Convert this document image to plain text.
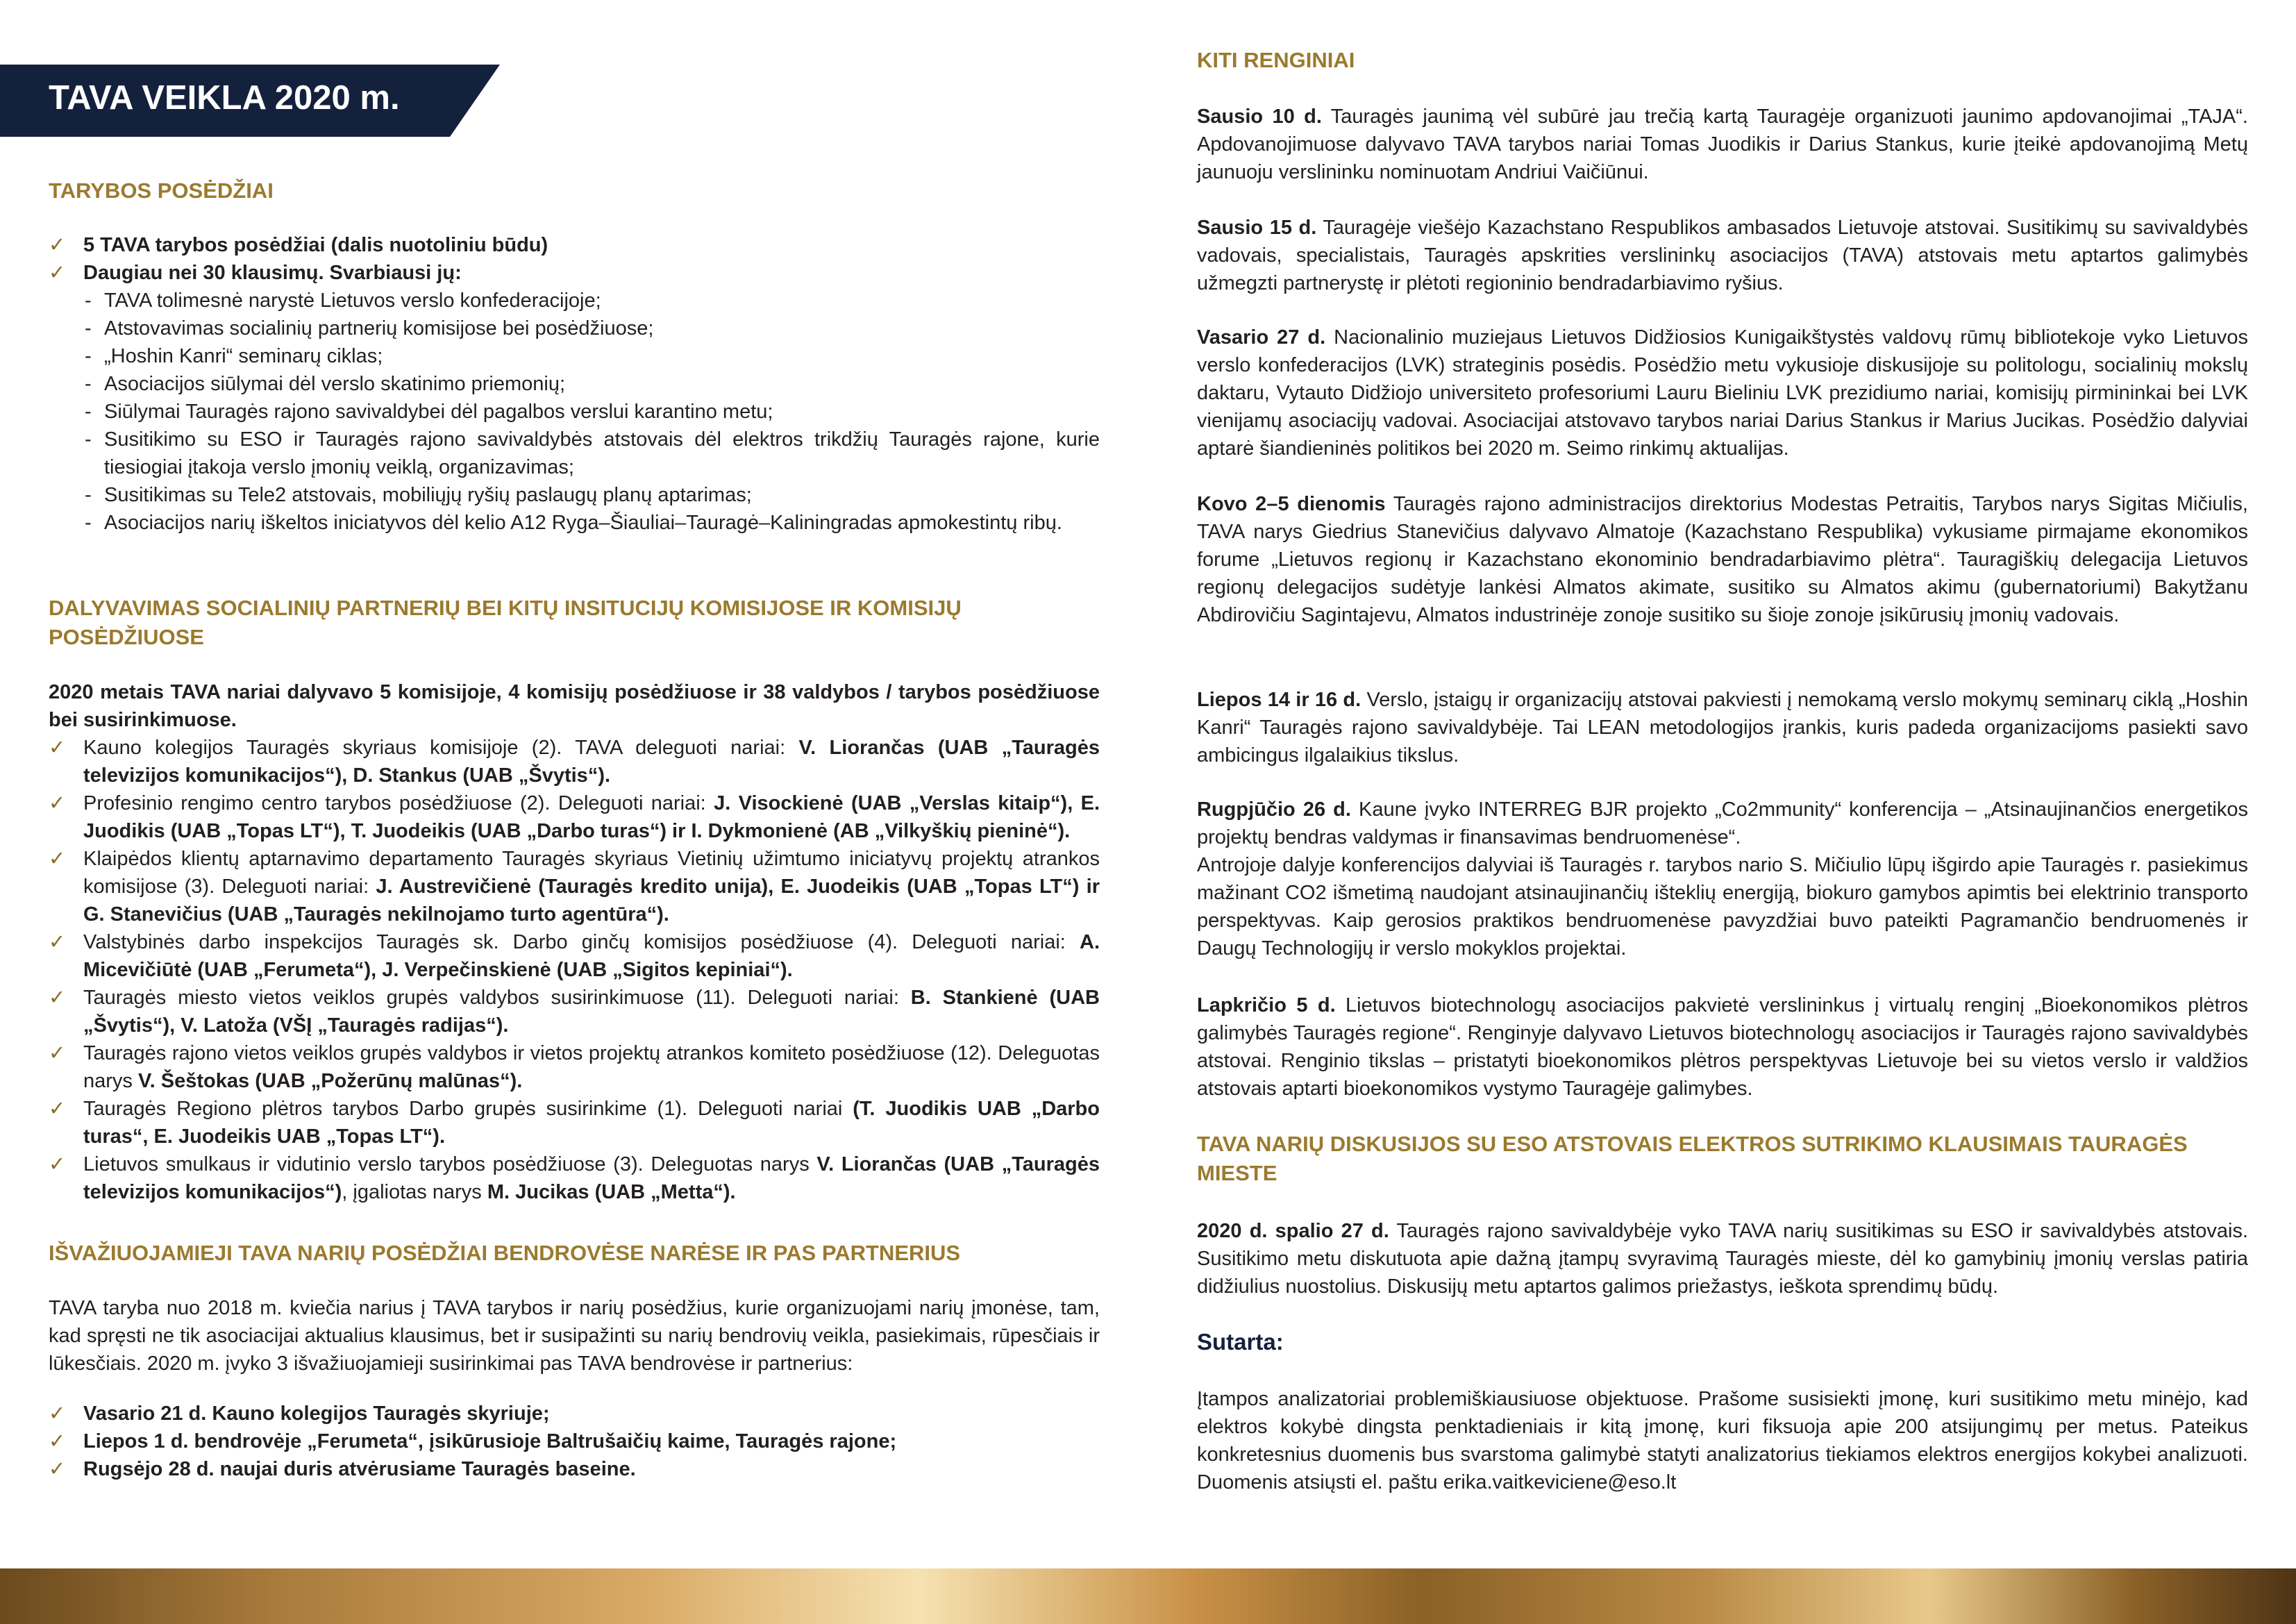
TAVA VEIKLA 2020 m.
TARYBOS POSĖDŽIAI

✓ 5 TAVA tarybos posėdžiai (dalis nuotoliniu būdu)

✓ Daugiau nei 30 klausimų. Svarbiausi jų:

- TAVA tolimesnė narystė Lietuvos verslo konfederacijoje;

- Atstovavimas socialinių partnerių komisijose bei posėdžiuose;

- „Hoshin Kanri“ seminarų ciklas;

- Asociacijos siūlymai dėl verslo skatinimo priemonių;

- Siūlymai Tauragės rajono savivaldybei dėl pagalbos verslui karantino metu;

- Susitikimo su ESO ir Tauragės rajono savivaldybės atstovais dėl elektros trikdžių Tauragės rajone, kurie tiesiogiai įtakoja verslo įmonių veiklą, organizavimas;

- Susitikimas su Tele2 atstovais, mobiliųjų ryšių paslaugų planų aptarimas;

- Asociacijos narių iškeltos iniciatyvos dėl kelio A12 Ryga–Šiauliai–Tauragė–Kaliningradas apmokestintų ribų.

DALYVAVIMAS SOCIALINIŲ PARTNERIŲ BEI KITŲ INSITUCIJŲ KOMISIJOSE IR KOMISIJŲ POSĖDŽIUOSE

2020 metais TAVA nariai dalyvavo 5 komisijoje, 4 komisijų posėdžiuose ir 38 valdybos / tarybos posėdžiuose bei susirinkimuose.

✓ Kauno kolegijos Tauragės skyriaus komisijoje (2). TAVA deleguoti nariai: V. Liorančas (UAB „Tauragės televizijos komunikacijos“), D. Stankus (UAB „Švytis“).

✓ Profesinio rengimo centro tarybos posėdžiuose (2). Deleguoti nariai: J. Visockienė (UAB „Verslas kitaip“), E. Juodikis (UAB „Topas LT“), T. Juodeikis (UAB „Darbo turas“) ir I. Dykmonienė (AB „Vilkyškių pieninė“).

✓ Klaipėdos klientų aptarnavimo departamento Tauragės skyriaus Vietinių užimtumo iniciatyvų projektų atrankos komisijose (3). Deleguoti nariai: J. Austrevičienė (Tauragės kredito unija), E. Juodeikis (UAB „Topas LT“) ir G. Stanevičius (UAB „Tauragės nekilnojamo turto agentūra“).

✓ Valstybinės darbo inspekcijos Tauragės sk. Darbo ginčų komisijos posėdžiuose (4). Deleguoti nariai: A. Micevičiūtė (UAB „Ferumeta“), J. Verpečinskienė (UAB „Sigitos kepiniai“).

✓ Tauragės miesto vietos veiklos grupės valdybos susirinkimuose (11). Deleguoti nariai: B. Stankienė (UAB „Švytis“), V. Latoža (VŠĮ „Tauragės radijas“).

✓ Tauragės rajono vietos veiklos grupės valdybos ir vietos projektų atrankos komiteto posėdžiuose (12). Deleguotas narys V. Šeštokas (UAB „Požerūnų malūnas“).

✓ Tauragės Regiono plėtros tarybos Darbo grupės susirinkime (1). Deleguoti nariai (T. Juodikis UAB „Darbo turas“, E. Juodeikis UAB „Topas LT“).

✓ Lietuvos smulkaus ir vidutinio verslo tarybos posėdžiuose (3). Deleguotas narys V. Liorančas (UAB „Tauragės televizijos komunikacijos“), įgaliotas narys M. Jucikas (UAB „Metta“).

IŠVAŽIUOJAMIEJI TAVA NARIŲ POSĖDŽIAI BENDROVĖSE NARĖSE IR PAS PARTNERIUS

TAVA taryba nuo 2018 m. kviečia narius į TAVA tarybos ir narių posėdžius, kurie organizuojami narių įmonėse, tam, kad spręsti ne tik asociacijai aktualius klausimus, bet ir susipažinti su narių bendrovių veikla, pasiekimais, rūpesčiais ir lūkesčiais. 2020 m. įvyko 3 išvažiuojamieji susirinkimai pas TAVA bendrovėse ir partnerius:

✓ Vasario 21 d. Kauno kolegijos Tauragės skyriuje;

✓ Liepos 1 d. bendrovėje „Ferumeta“, įsikūrusioje Baltrušaičių kaime, Tauragės rajone;

✓ Rugsėjo 28 d. naujai duris atvėrusiame Tauragės baseine.

KITI RENGINIAI

Sausio 10 d. Tauragės jaunimą vėl subūrė jau trečią kartą Tauragėje organizuoti jaunimo apdovanojimai „TAJA“. Apdovanojimuose dalyvavo TAVA tarybos nariai Tomas Juodikis ir Darius Stankus, kurie įteikė apdovanojimą Metų jaunuoju verslininku nominuotam Andriui Vaičiūnui.

Sausio 15 d. Tauragėje viešėjo Kazachstano Respublikos ambasados Lietuvoje atstovai. Susitikimų su savivaldybės vadovais, specialistais, Tauragės apskrities verslininkų asociacijos (TAVA) atstovais metu aptartos galimybės užmegzti partnerystę ir plėtoti regioninio bendradarbiavimo ryšius.

Vasario 27 d. Nacionalinio muziejaus Lietuvos Didžiosios Kunigaikštystės valdovų rūmų bibliotekoje vyko Lietuvos verslo konfederacijos (LVK) strateginis posėdis. Posėdžio metu vykusioje diskusijoje su politologu, socialinių mokslų daktaru, Vytauto Didžiojo universiteto profesoriumi Lauru Bieliniu LVK prezidiumo nariai, komisijų pirmininkai bei LVK vienijamų asociacijų vadovai. Asociacijai atstovavo tarybos nariai Darius Stankus ir Marius Jucikas. Posėdžio dalyviai aptarė šiandieninės politikos bei 2020 m. Seimo rinkimų aktualijas.

Kovo 2–5 dienomis Tauragės rajono administracijos direktorius Modestas Petraitis, Tarybos narys Sigitas Mičiulis, TAVA narys Giedrius Stanevičius dalyvavo Almatoje (Kazachstano Respublika) vykusiame pirmajame ekonomikos forume „Lietuvos regionų ir Kazachstano ekonominio bendradarbiavimo plėtra“. Tauragiškių delegacija Lietuvos regionų delegacijos sudėtyje lankėsi Almatos akimate, susitiko su Almatos akimu (gubernatoriumi) Bakytžanu Abdirovičiu Sagintajevu, Almatos industrinėje zonoje susitiko su šioje zonoje įsikūrusių įmonių vadovais.

Liepos 14 ir 16 d. Verslo, įstaigų ir organizacijų atstovai pakviesti į nemokamą verslo mokymų seminarų ciklą „Hoshin Kanri“ Tauragės rajono savivaldybėje. Tai LEAN metodologijos įrankis, kuris padeda organizacijoms pasiekti savo ambicingus ilgalaikius tikslus.

Rugpjūčio 26 d. Kaune įvyko INTERREG BJR projekto „Co2mmunity“ konferencija – „Atsinaujinančios energetikos projektų bendras valdymas ir finansavimas bendruomenėse“.

Antrojoje dalyje konferencijos dalyviai iš Tauragės r. tarybos nario S. Mičiulio lūpų išgirdo apie Tauragės r. pasiekimus mažinant CO2 išmetimą naudojant atsinaujinančių išteklių energiją, biokuro gamybos apimtis bei elektrinio transporto perspektyvas. Kaip gerosios praktikos bendruomenėse pavyzdžiai buvo pateikti Pagramančio bendruomenės ir Daugų Technologijų ir verslo mokyklos projektai.

Lapkričio 5 d. Lietuvos biotechnologų asociacijos pakvietė verslininkus į virtualų renginį „Bioekonomikos plėtros galimybės Tauragės regione“. Renginyje dalyvavo Lietuvos biotechnologų asociacijos ir Tauragės rajono savivaldybės atstovai. Renginio tikslas – pristatyti bioekonomikos plėtros perspektyvas Lietuvoje bei su vietos verslo ir valdžios atstovais aptarti bioekonomikos vystymo Tauragėje galimybes.

TAVA NARIŲ DISKUSIJOS SU ESO ATSTOVAIS ELEKTROS SUTRIKIMO KLAUSIMAIS TAURAGĖS MIESTE

2020 d. spalio 27 d. Tauragės rajono savivaldybėje vyko TAVA narių susitikimas su ESO ir savivaldybės atstovais. Susitikimo metu diskutuota apie dažną įtampų svyravimą Tauragės mieste, dėl ko gamybinių įmonių verslas patiria didžiulius nuostolius. Diskusijų metu aptartos galimos priežastys, ieškota sprendimų būdų.

Sutarta:

Įtampos analizatoriai problemiškiausiuose objektuose. Prašome susisiekti įmonę, kuri susitikimo metu minėjo, kad elektros kokybė dingsta penktadieniais ir kitą įmonę, kuri fiksuoja apie 200 atsijungimų per metus. Pateikus konkretesnius duomenis bus svarstoma galimybė statyti analizatorius tiekiamos elektros energijos kokybei analizuoti. Duomenis atsiųsti el. paštu erika.vaitkeviciene@eso.lt
